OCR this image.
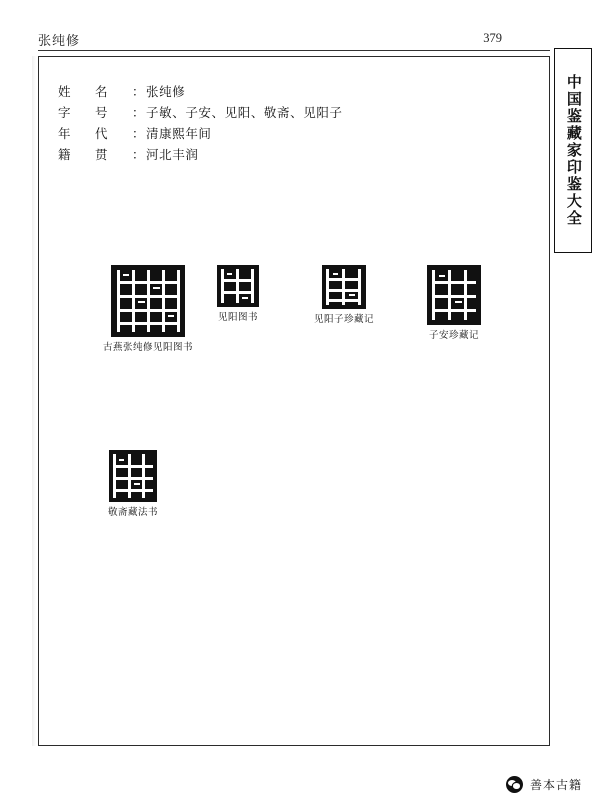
张纯修	379
中国鉴藏家印鉴大全
姓　名	： 张纯修
字　号	： 子敏、子安、见阳、敬斋、见阳子
年　代	： 清康熙年间
籍　贯	： 河北丰润
古燕张纯修见阳图书
见阳图书	见阳子珍藏记
子安珍藏记
敬斋藏法书
善本古籍
